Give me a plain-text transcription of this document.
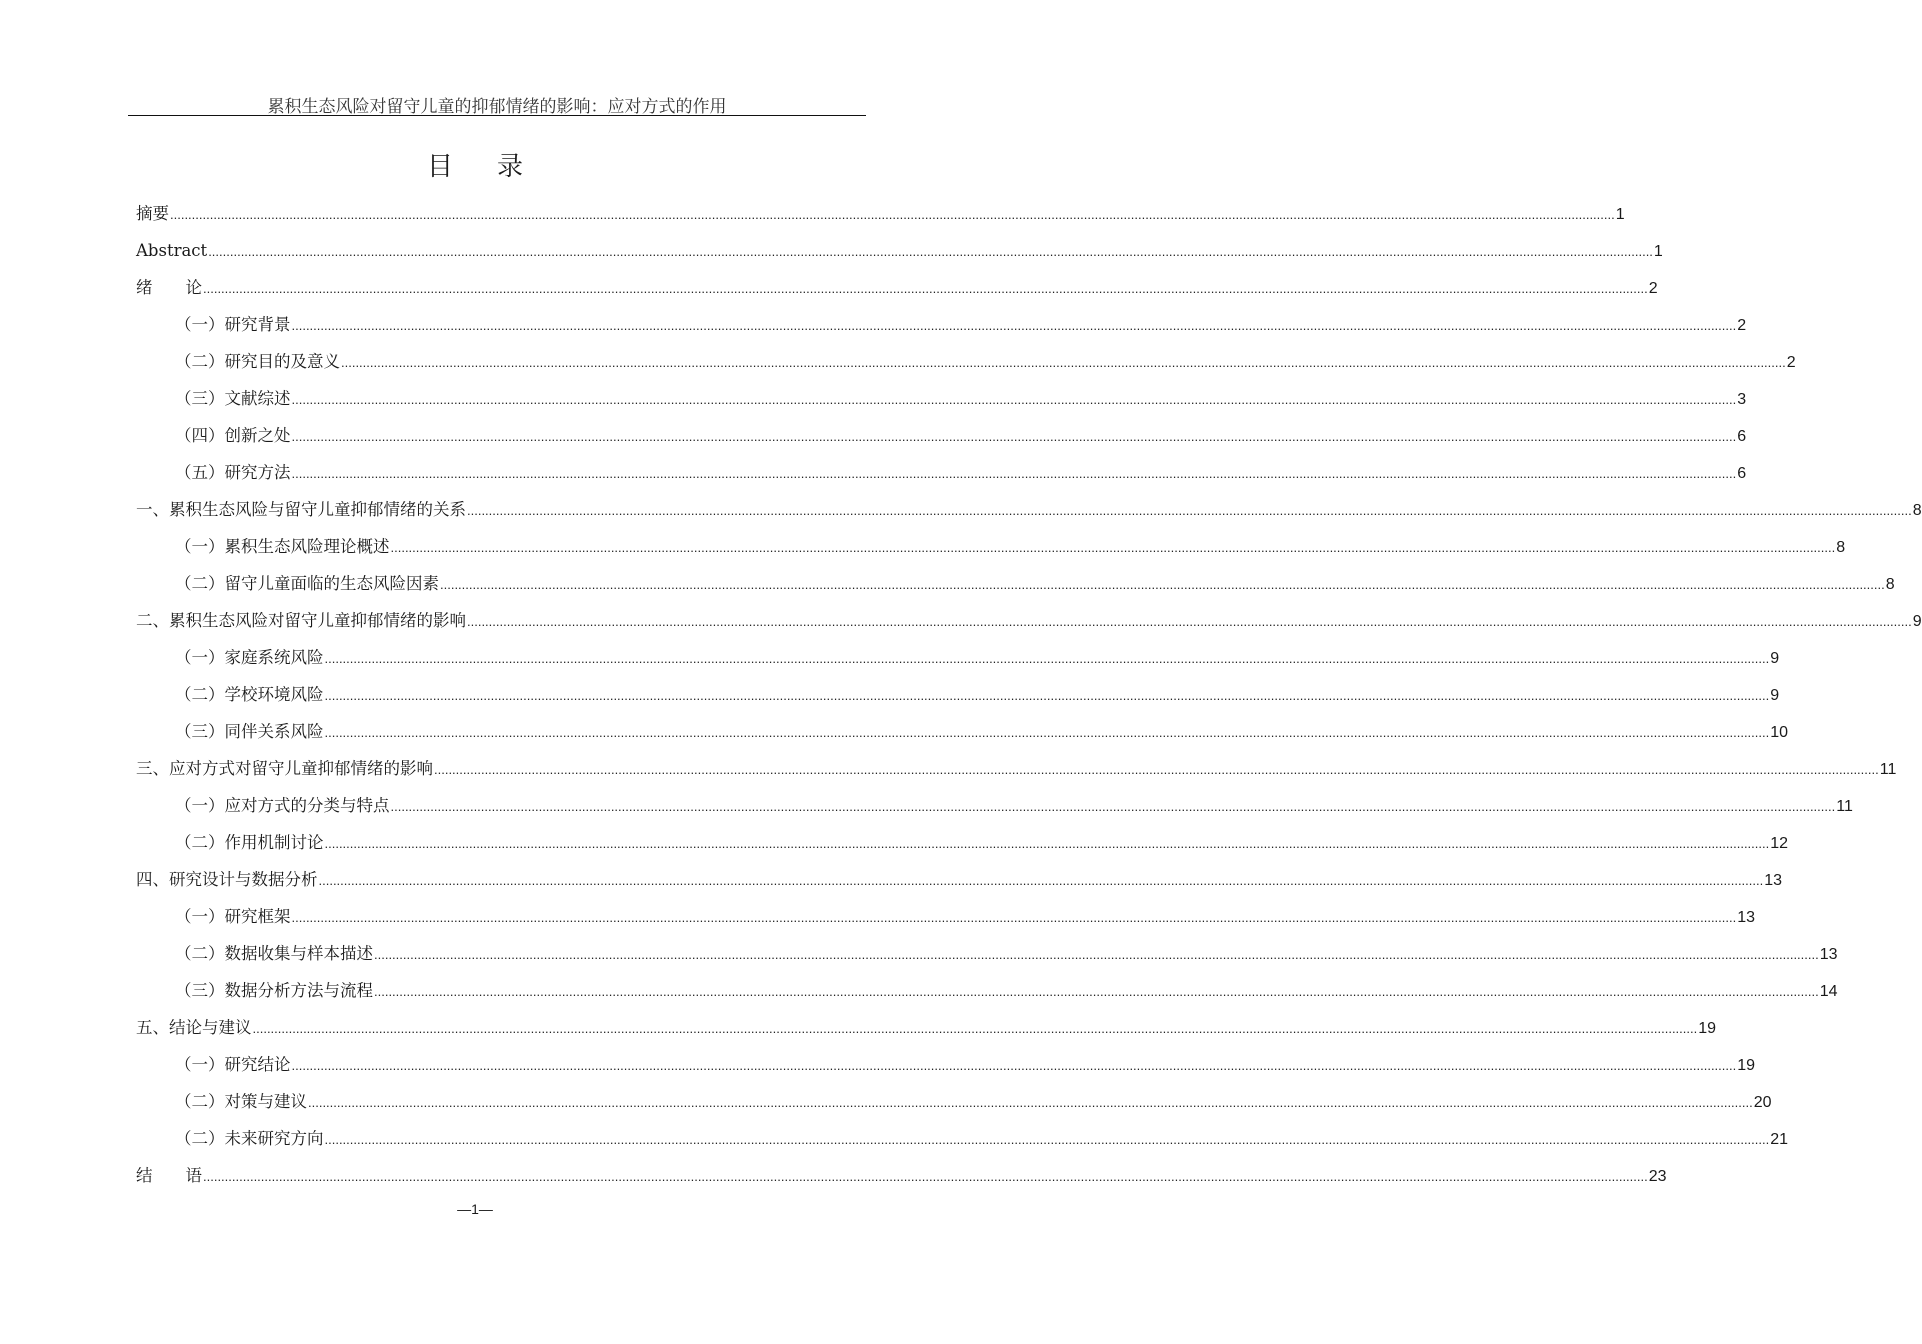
累积生态风险对留守儿童的抑郁情绪的影响：应对方式的作用
目录
摘要 ................................................................................................................................................................................................................................................................................................................................................................................................................ 1
Abstract ................................................................................................................................................................................................................................................................................................................................................................................................................ 1
绪　　论 ................................................................................................................................................................................................................................................................................................................................................................................................................ 2
（一）研究背景 ................................................................................................................................................................................................................................................................................................................................................................................................................ 2
（二）研究目的及意义 ................................................................................................................................................................................................................................................................................................................................................................................................................ 2
（三）文献综述 ................................................................................................................................................................................................................................................................................................................................................................................................................ 3
（四）创新之处 ................................................................................................................................................................................................................................................................................................................................................................................................................ 6
（五）研究方法 ................................................................................................................................................................................................................................................................................................................................................................................................................ 6
一、累积生态风险与留守儿童抑郁情绪的关系 ................................................................................................................................................................................................................................................................................................................................................................................................................ 8
（一）累积生态风险理论概述 ................................................................................................................................................................................................................................................................................................................................................................................................................ 8
（二）留守儿童面临的生态风险因素 ................................................................................................................................................................................................................................................................................................................................................................................................................ 8
二、累积生态风险对留守儿童抑郁情绪的影响 ................................................................................................................................................................................................................................................................................................................................................................................................................ 9
（一）家庭系统风险 ................................................................................................................................................................................................................................................................................................................................................................................................................ 9
（二）学校环境风险 ................................................................................................................................................................................................................................................................................................................................................................................................................ 9
（三）同伴关系风险 ................................................................................................................................................................................................................................................................................................................................................................................................................ 10
三、应对方式对留守儿童抑郁情绪的影响 ................................................................................................................................................................................................................................................................................................................................................................................................................ 11
（一）应对方式的分类与特点 ................................................................................................................................................................................................................................................................................................................................................................................................................ 11
（二）作用机制讨论 ................................................................................................................................................................................................................................................................................................................................................................................................................ 12
四、研究设计与数据分析 ................................................................................................................................................................................................................................................................................................................................................................................................................ 13
（一）研究框架 ................................................................................................................................................................................................................................................................................................................................................................................................................ 13
（二）数据收集与样本描述 ................................................................................................................................................................................................................................................................................................................................................................................................................ 13
（三）数据分析方法与流程 ................................................................................................................................................................................................................................................................................................................................................................................................................ 14
五、结论与建议 ................................................................................................................................................................................................................................................................................................................................................................................................................ 19
（一）研究结论 ................................................................................................................................................................................................................................................................................................................................................................................................................ 19
（二）对策与建议 ................................................................................................................................................................................................................................................................................................................................................................................................................ 20
（二）未来研究方向 ................................................................................................................................................................................................................................................................................................................................................................................................................ 21
结　　语 ................................................................................................................................................................................................................................................................................................................................................................................................................ 23
—1—
